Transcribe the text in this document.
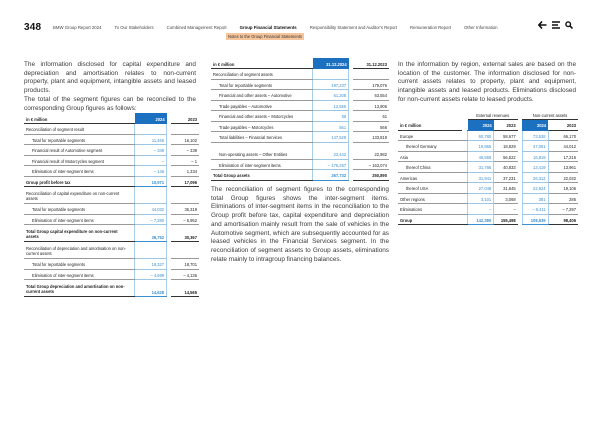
348	BMW Group Report 2024	To Our Stakeholders	Combined Management Report	Group Financial Statements	Responsibility Statement and Auditor's Report	Remuneration Report	Other Information
Notes to the Group Financial Statements
The information disclosed for capital expenditure and depreciation and amortisation relates to non-current property, plant and equipment, intangible assets and leased products.
The total of the segment figures can be reconciled to the corresponding Group figures as follows:
in € million		2024		2023
Reconciliation of segment result				
Total for reportable segments		11,466		16,102
Financial result of Automotive segment		– 349		– 339
Financial result of Motorcycles segment		–		– 1
Elimination of inter-segment items		– 146		1,334
Group profit before tax		10,971		17,096
Reconciliation of capital expenditure on non-current assets				
Total for reportable segments		44,032		36,319
Elimination of inter-segment items		– 7,280		– 5,952
Total Group capital expenditure on non-current assets		36,752		30,367
Reconciliation of depreciation and amortisation on non-current assets				
Total for reportable segments		19,327		18,701
Elimination of inter-segment items		– 4,699		– 4,136
Total Group depreciation and amortisation on non-current assets		14,628		14,565
in € million		31.12.2024		31.12.2023
Reconciliation of segment assets				
Total for reportable segments		197,237		179,076
Financial and other assets – Automotive		61,208		63,554
Trade payables – Automotive		12,556		13,906
Financial and other assets – Motorcycles		56		61
Trade payables – Motorcycles		561		566
Total liabilities – Financial Services		147,529		133,819
Non-operating assets – Other Entities		23,442		22,982
Elimination of inter-segment items		– 175,257		– 163,074
Total Group assets		267,732		250,890
The reconciliation of segment figures to the corresponding total Group figures shows the inter-segment items. Eliminations of inter-segment items in the reconciliation to the Group profit before tax, capital expenditure and depreciation and amortisation mainly result from the sale of vehicles in the Automotive segment, which are subsequently accounted for as leased vehicles in the Financial Services segment. In the reconciliation of segment assets to Group assets, eliminations relate mainly to intragroup financing balances.
In the information by region, external sales are based on the location of the customer. The information disclosed for non-current assets relates to property, plant and equipment, intangible assets and leased products. Eliminations disclosed for non-current assets relate to leased products.
		External revenues			Non-current assets	
in € million		2024	2023		2024	2023
Europe		60,780	58,677		73,538	66,170
thereof Germany		19,865	18,829		47,051	44,012
Asia		46,558	56,522		16,819	17,216
thereof China		31,786	40,833		13,419	13,961
Americas		31,941	37,231		26,312	22,032
thereof USA		27,048	31,845		22,924	19,106
Other regions		3,101	3,068		381	285
Eliminations		–	–		– 8,411	– 7,297
Group		142,380	155,498		108,639	98,406
